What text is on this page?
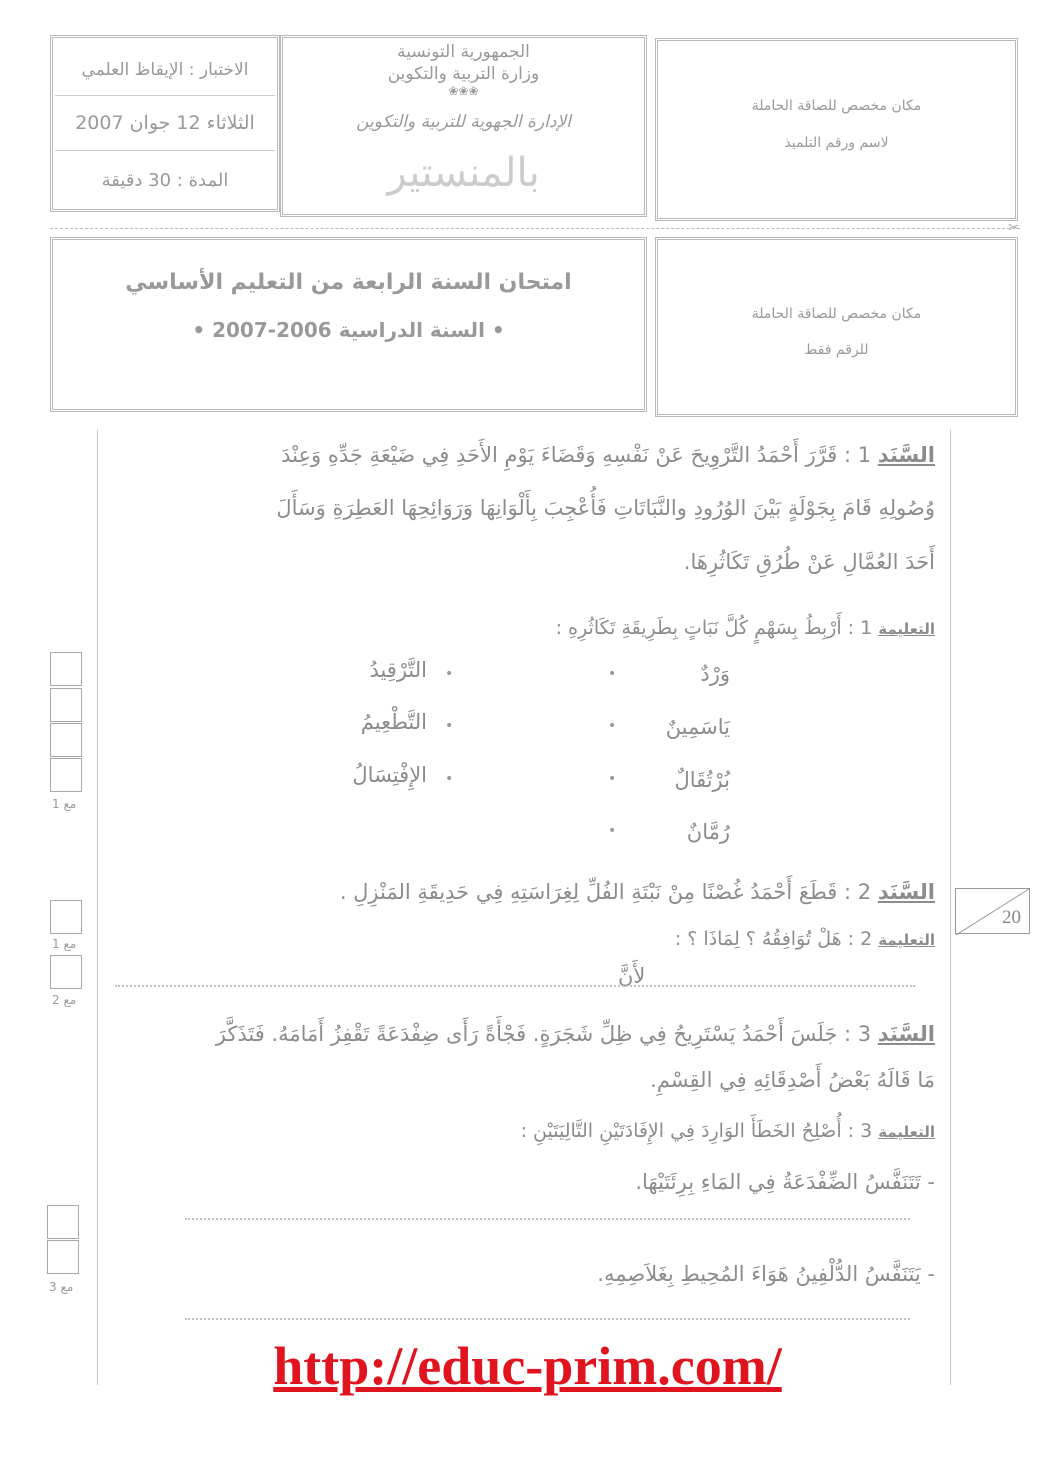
الاختبار : الإيقاظ العلمي
الثلاثاء 12 جوان 2007
المدة : 30 دقيقة
الجمهورية التونسية
وزارة التربية والتكوين
❀❀❀
الإدارة الجهوية للتربية والتكوين
بالمنستير
مكان مخصص للصاقة الحاملة
لاسم ورقم التلميذ
✂
مكان مخصص للصاقة الحاملة
للرقم فقط
امتحان السنة الرابعة من التعليم الأساسي
• السنة الدراسية 2006-2007 •
السَّنَد 1 : قَرَّرَ أَحْمَدُ التَّرْوِيحَ عَنْ نَفْسِهِ وَقَضَاءَ يَوْمِ الأَحَدِ فِي ضَيْعَةِ جَدِّهِ وَعِنْدَ
وُصُولِهِ قَامَ بِجَوْلَةٍ بَيْنَ الوُرُودِ والنَّبَاتَاتِ فَأُعْجِبَ بِأَلْوَانِهَا وَرَوَائِحِهَا العَطِرَةِ وَسَأَلَ
أَحَدَ العُمَّالِ عَنْ طُرُقِ تَكَاثُرِهَا.
التعليمة 1 : أَرْبِطُ بِسَهْمٍ كُلَّ نَبَاتٍ بِطَرِيقَةِ تَكَاثُرِهِ :
وَرْدٌ
يَاسَمِينٌ
بُرْتُقَالٌ
رُمَّانٌ
•
•
•
•
•
•
•
التَّرْقِيدُ
التَّطْعِيمُ
الإِفْتِسَالُ
السَّنَد 2 : قَطَعَ أَحْمَدُ غُصْنًا مِنْ نَبْتَةِ الفُلِّ لِغِرَاسَتِهِ فِي حَدِيقَةِ المَنْزِلِ .
التعليمة 2 : هَلْ تُوَافِقُهُ ؟ لِمَاذَا ؟ :
لأَنَّ
السَّنَد 3 : جَلَسَ أَحْمَدُ يَسْتَرِيحُ فِي ظِلِّ شَجَرَةٍ. فَجْأَةً رَأَى ضِفْدَعَةً تَقْفِزُ أَمَامَهُ. فَتَذَكَّرَ
مَا قَالَهُ بَعْضُ أَصْدِقَائِهِ فِي القِسْمِ.
التعليمة 3 : أُصْلِحُ الخَطَأَ الوَارِدَ فِي الإِفَادَتَيْنِ التَّالِيَتَيْنِ :
- تَتَنَفَّسُ الضِّفْدَعَةُ فِي المَاءِ بِرِئَتَيْهَا.
- يَتَنَفَّسُ الدُّلْفِينُ هَوَاءَ المُحِيطِ بِغَلاَصِمِهِ.
مع 1
مع 1
مع 2
مع 3
20
http://educ-prim.com/
